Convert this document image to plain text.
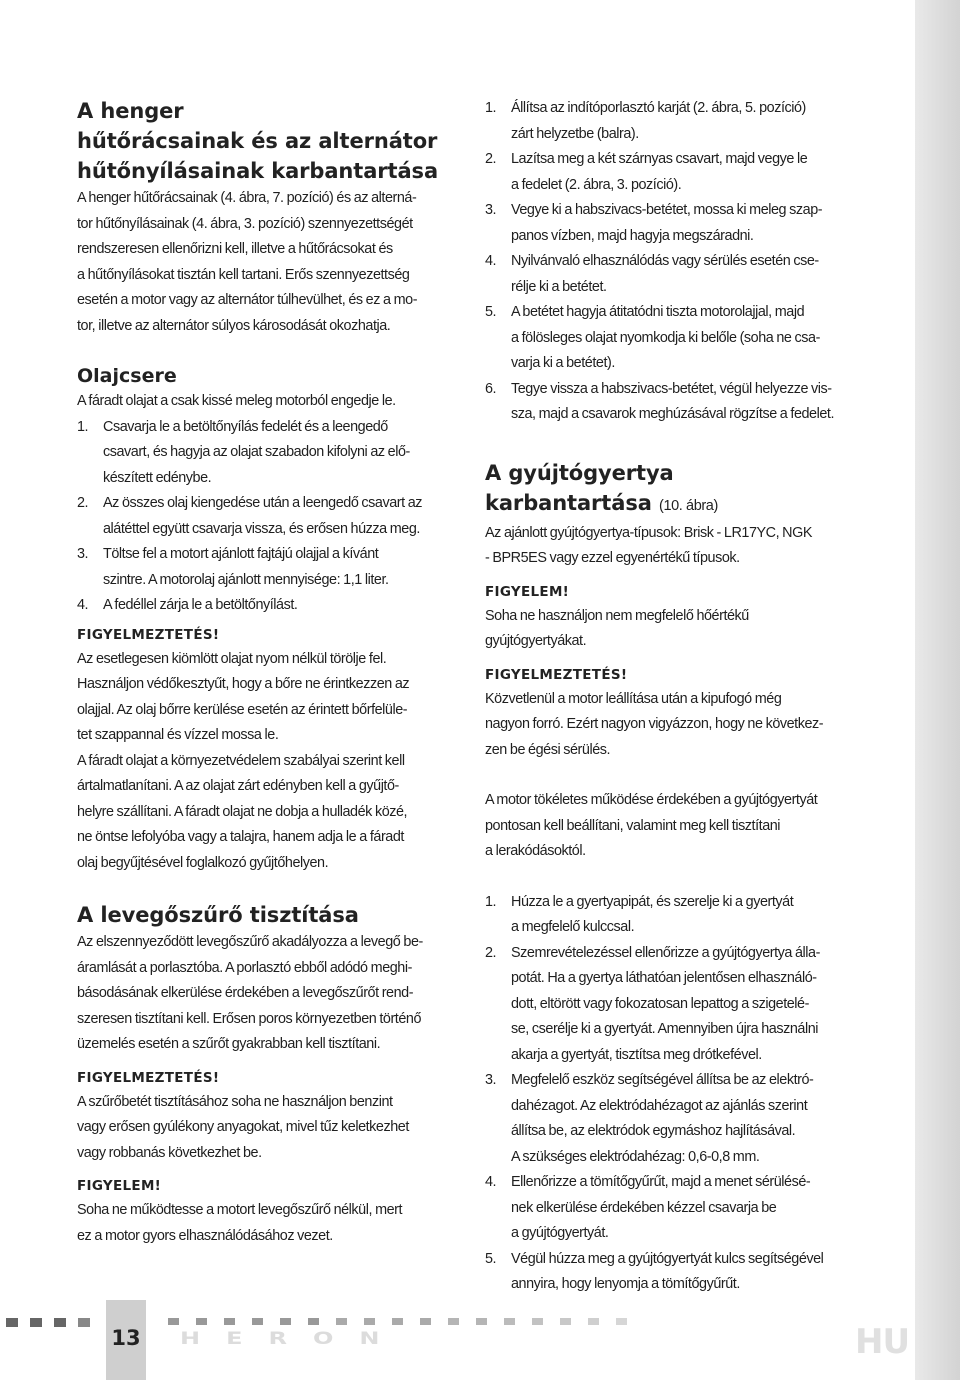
A henger
hűtőrácsainak és az alternátor
hűtőnyílásainak karbantartása

A henger hűtőrácsainak (4. ábra, 7. pozíció) és az alterná-
tor hűtőnyílásainak (4. ábra, 3. pozíció) szennyezettségét
rendszeresen ellenőrizni kell, illetve a hűtőrácsokat és
a hűtőnyílásokat tisztán kell tartani. Erős szennyezettség
esetén a motor vagy az alternátor túlhevülhet, és ez a mo-
tor, illetve az alternátor súlyos károsodását okozhatja.

Olajcsere

A fáradt olajat a csak kissé meleg motorból engedje le.

1. Csavarja le a betöltőnyílás fedelét és a leengedő
csavart, és hagyja az olajat szabadon kifolyni az elő-
készített edénybe.
2. Az összes olaj kiengedése után a leengedő csavart az
alátéttel együtt csavarja vissza, és erősen húzza meg.
3. Töltse fel a motort ajánlott fajtájú olajjal a kívánt
szintre. A motorolaj ajánlott mennyisége: 1,1 liter.
4. A fedéllel zárja le a betöltőnyílást.

FIGYELMEZTETÉS!

Az esetlegesen kiömlött olajat nyom nélkül törölje fel.
Használjon védőkesztyűt, hogy a bőre ne érintkezzen az
olajjal. Az olaj bőrre kerülése esetén az érintett bőrfelüle-
tet szappannal és vízzel mossa le.
A fáradt olajat a környezetvédelem szabályai szerint kell
ártalmatlanítani. A az olajat zárt edényben kell a gyűjtő-
helyre szállítani. A fáradt olajat ne dobja a hulladék közé,
ne öntse lefolyóba vagy a talajra, hanem adja le a fáradt
olaj begyűjtésével foglalkozó gyűjtőhelyen.

A levegőszűrő tisztítása

Az elszennyeződött levegőszűrő akadályozza a levegő be-
áramlását a porlasztóba. A porlasztó ebből adódó meghi-
básodásának elkerülése érdekében a levegőszűrőt rend-
szeresen tisztítani kell. Erősen poros környezetben történő
üzemelés esetén a szűrőt gyakrabban kell tisztítani.

FIGYELMEZTETÉS!

A szűrőbetét tisztításához soha ne használjon benzint
vagy erősen gyúlékony anyagokat, mivel tűz keletkezhet
vagy robbanás következhet be.

FIGYELEM!

Soha ne működtesse a motort levegőszűrő nélkül, mert
ez a motor gyors elhasználódásához vezet.

1. Állítsa az indítóporlasztó karját (2. ábra, 5. pozíció)
zárt helyzetbe (balra).
2. Lazítsa meg a két szárnyas csavart, majd vegye le
a fedelet (2. ábra, 3. pozíció).
3. Vegye ki a habszivacs-betétet, mossa ki meleg szap-
panos vízben, majd hagyja megszáradni.
4. Nyilvánvaló elhasználódás vagy sérülés esetén cse-
rélje ki a betétet.
5. A betétet hagyja átitatódni tiszta motorolajjal, majd
a fölösleges olajat nyomkodja ki belőle (soha ne csa-
varja ki a betétet).
6. Tegye vissza a habszivacs-betétet, végül helyezze vis-
sza, majd a csavarok meghúzásával rögzítse a fedelet.
A gyújtógyertya
karbantartása (10. ábra)

Az ajánlott gyújtógyertya-típusok: Brisk - LR17YC, NGK
- BPR5ES vagy ezzel egyenértékű típusok.

FIGYELEM!

Soha ne használjon nem megfelelő hőértékű
gyújtógyertyákat.

FIGYELMEZTETÉS!

Közvetlenül a motor leállítása után a kipufogó még
nagyon forró. Ezért nagyon vigyázzon, hogy ne következ-
zen be égési sérülés.

A motor tökéletes működése érdekében a gyújtógyertyát
pontosan kell beállítani, valamint meg kell tisztítani
a lerakódásoktól.

1. Húzza le a gyertyapipát, és szerelje ki a gyertyát
a megfelelő kulccsal.
2. Szemrevételezéssel ellenőrizze a gyújtógyertya álla-
potát. Ha a gyertya láthatóan jelentősen elhasználó-
dott, eltörött vagy fokozatosan lepattog a szigetelé-
se, cserélje ki a gyertyát. Amennyiben újra használni
akarja a gyertyát, tisztítsa meg drótkefével.
3. Megfelelő eszköz segítségével állítsa be az elektró-
dahézagot. Az elektródahézagot az ajánlás szerint
állítsa be, az elektródok egymáshoz hajlításával.
A szükséges elektródahézag: 0,6-0,8 mm.
4. Ellenőrizze a tömítőgyűrűt, majd a menet sérülésé-
nek elkerülése érdekében kézzel csavarja be
a gyújtógyertyát.
5. Végül húzza meg a gyújtógyertyát kulcs segítségével
annyira, hogy lenyomja a tömítőgyűrűt.
13 HERON	HU
